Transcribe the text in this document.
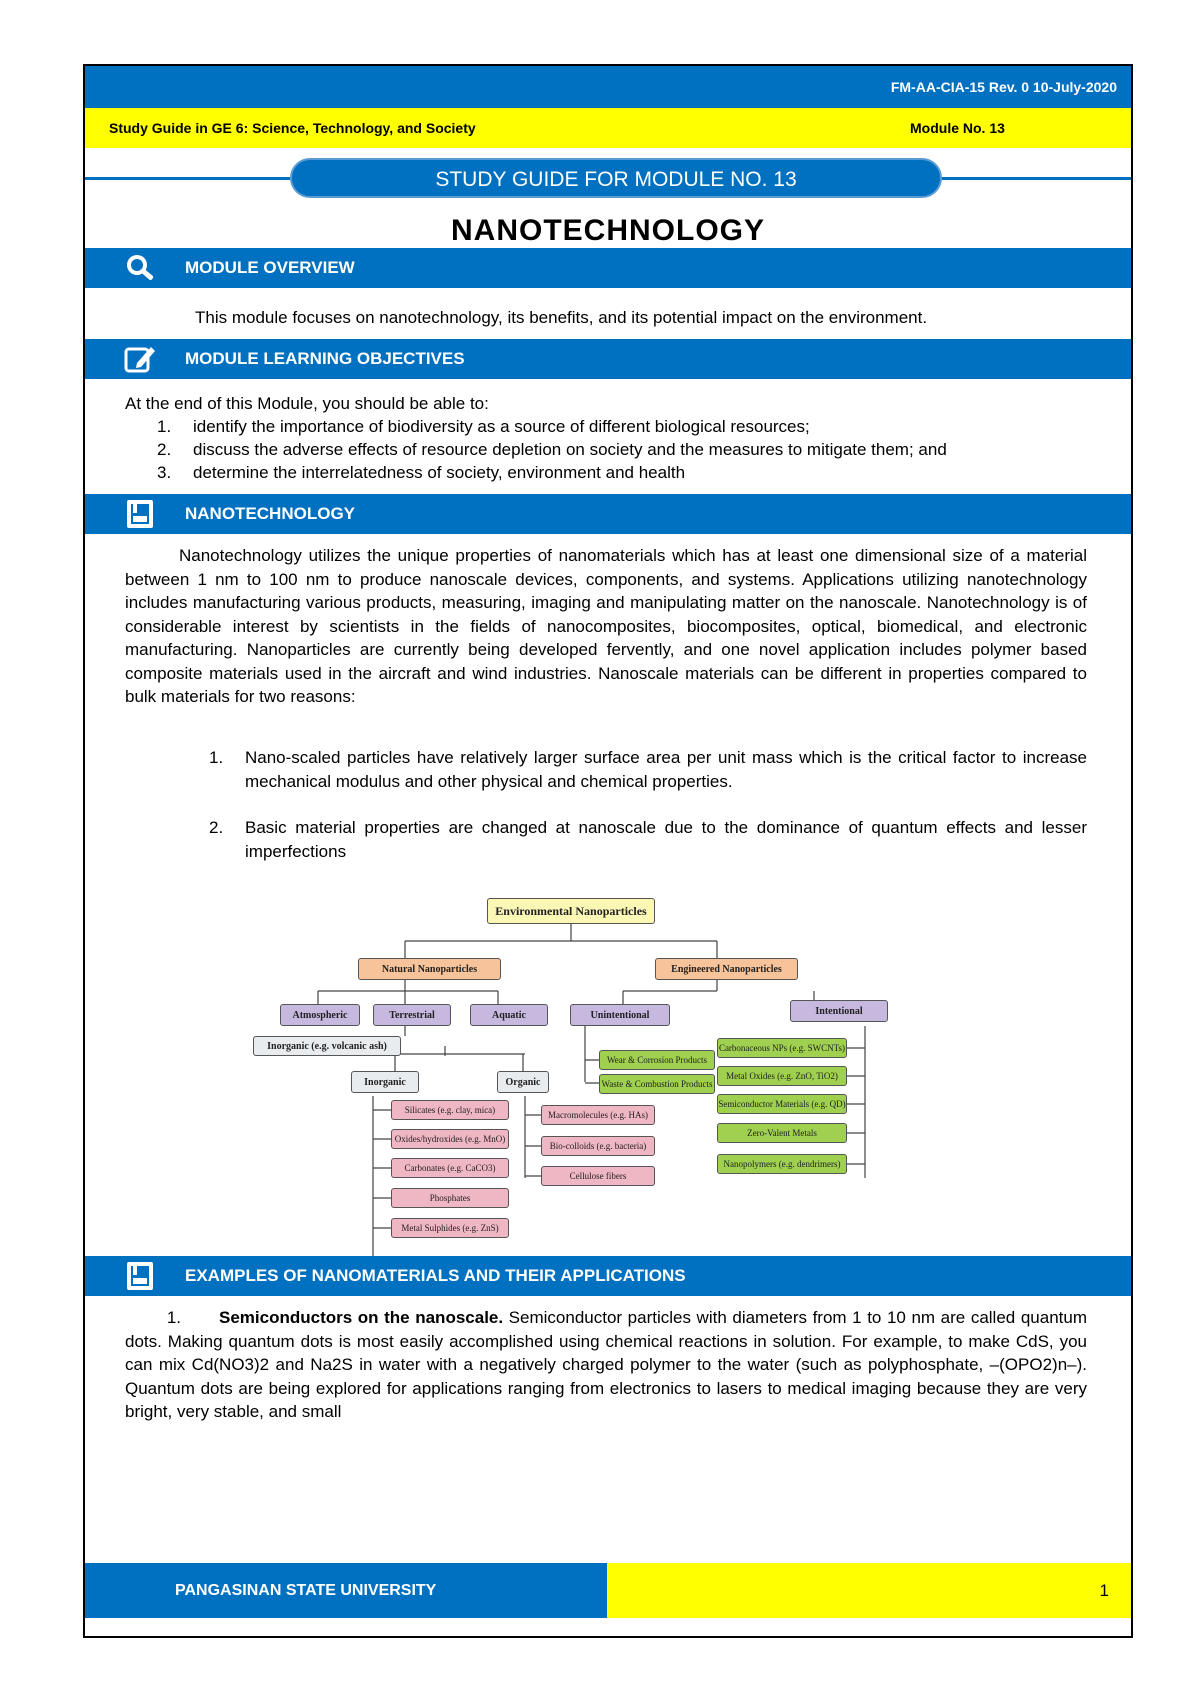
FM-AA-CIA-15 Rev. 0 10-July-2020
Study Guide in GE 6: Science, Technology, and Society	Module No. 13
STUDY GUIDE FOR MODULE NO. 13
NANOTECHNOLOGY
MODULE OVERVIEW
This module focuses on nanotechnology, its benefits, and its potential impact on the environment.
MODULE LEARNING OBJECTIVES
At the end of this Module, you should be able to:
1. identify the importance of biodiversity as a source of different biological resources;
2. discuss the adverse effects of resource depletion on society and the measures to mitigate them; and
3. determine the interrelatedness of society, environment and health
NANOTECHNOLOGY
Nanotechnology utilizes the unique properties of nanomaterials which has at least one dimensional size of a material between 1 nm to 100 nm to produce nanoscale devices, components, and systems. Applications utilizing nanotechnology includes manufacturing various products, measuring, imaging and manipulating matter on the nanoscale. Nanotechnology is of considerable interest by scientists in the fields of nanocomposites, biocomposites, optical, biomedical, and electronic manufacturing. Nanoparticles are currently being developed fervently, and one novel application includes polymer based composite materials used in the aircraft and wind industries. Nanoscale materials can be different in properties compared to bulk materials for two reasons:
1. Nano-scaled particles have relatively larger surface area per unit mass which is the critical factor to increase mechanical modulus and other physical and chemical properties.
2. Basic material properties are changed at nanoscale due to the dominance of quantum effects and lesser imperfections
Environmental Nanoparticles
Natural Nanoparticles	Engineered Nanoparticles
Atmospheric	Terrestrial	Aquatic	Unintentional	Intentional
Inorganic (e.g. volcanic ash)
Inorganic	Organic
Silicates (e.g. clay, mica)
Oxides/hydroxides (e.g. MnO)
Carbonates (e.g. CaCO3)
Phosphates
Metal Sulphides (e.g. ZnS)
Macromolecules (e.g. HAs)
Bio-colloids (e.g. bacteria)
Cellulose fibers
Wear & Corrosion Products
Waste & Combustion Products
Carbonaceous NPs (e.g. SWCNTs)
Metal Oxides (e.g. ZnO, TiO2)
Semiconductor Materials (e.g. QD)
Zero-Valent Metals
Nanopolymers (e.g. dendrimers)
EXAMPLES OF NANOMATERIALS AND THEIR APPLICATIONS
1. Semiconductors on the nanoscale. Semiconductor particles with diameters from 1 to 10 nm are called quantum dots. Making quantum dots is most easily accomplished using chemical reactions in solution. For example, to make CdS, you can mix Cd(NO3)2 and Na2S in water with a negatively charged polymer to the water (such as polyphosphate, –(OPO2)n–). Quantum dots are being explored for applications ranging from electronics to lasers to medical imaging because they are very bright, very stable, and small
PANGASINAN STATE UNIVERSITY	1
